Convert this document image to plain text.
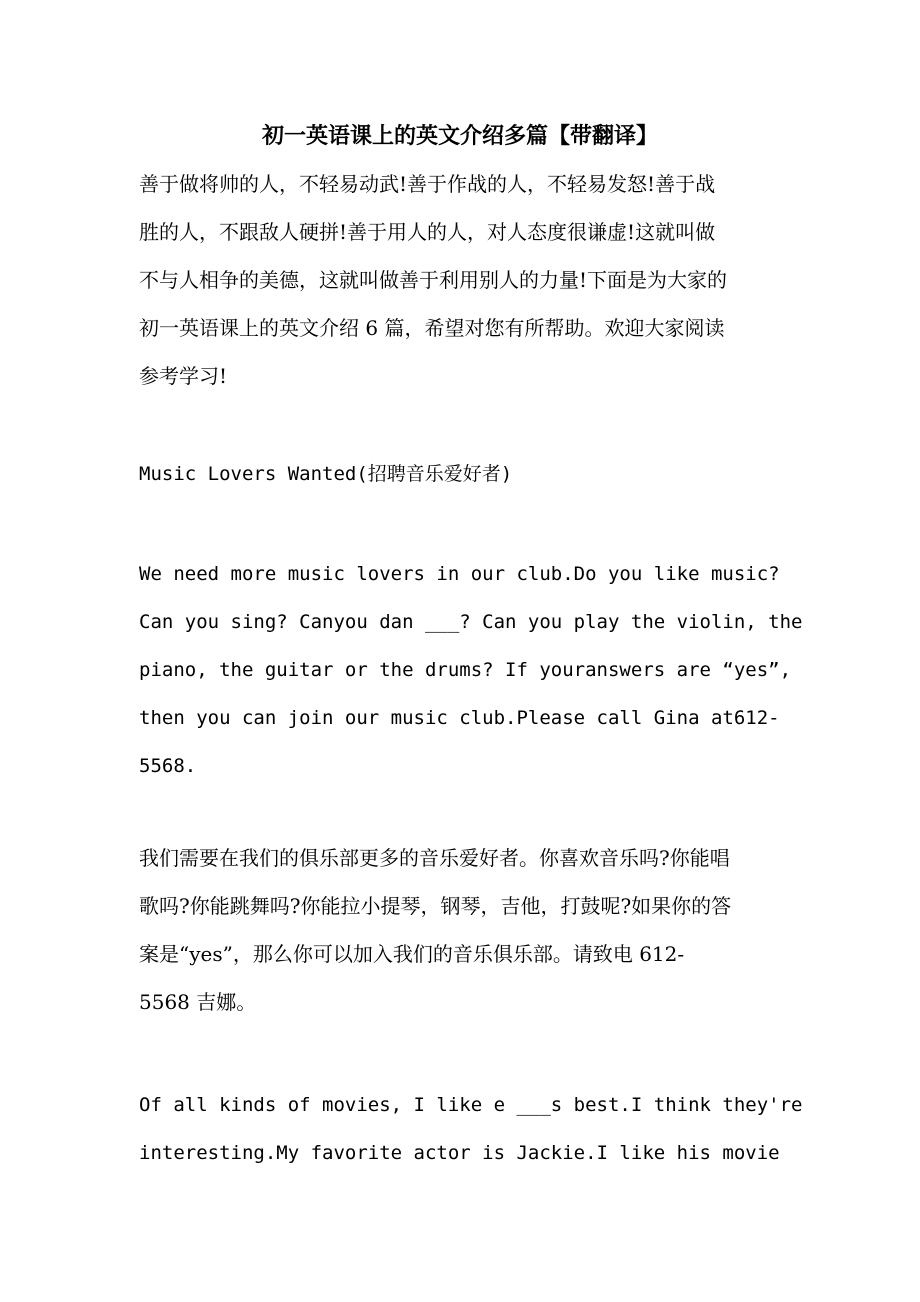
初一英语课上的英文介绍多篇【带翻译】
善于做将帅的人，不轻易动武!善于作战的人，不轻易发怒!善于战
胜的人，不跟敌人硬拼!善于用人的人，对人态度很谦虚!这就叫做
不与人相争的美德，这就叫做善于利用别人的力量!下面是为大家的
初一英语课上的英文介绍 6 篇，希望对您有所帮助。欢迎大家阅读
参考学习!
Music Lovers Wanted(招聘音乐爱好者)
We need more music lovers in our club.Do you like music?
Can you sing? Canyou dan ___? Can you play the violin, the
piano, the guitar or the drums? If youranswers are “yes”,
then you can join our music club.Please call Gina at612-
5568.
我们需要在我们的俱乐部更多的音乐爱好者。你喜欢音乐吗?你能唱
歌吗?你能跳舞吗?你能拉小提琴，钢琴，吉他，打鼓呢?如果你的答
案是“yes”，那么你可以加入我们的音乐俱乐部。请致电 612-
5568 吉娜。
Of all kinds of movies, I like e ___s best.I think they're
interesting.My favorite actor is Jackie.I like his movie
